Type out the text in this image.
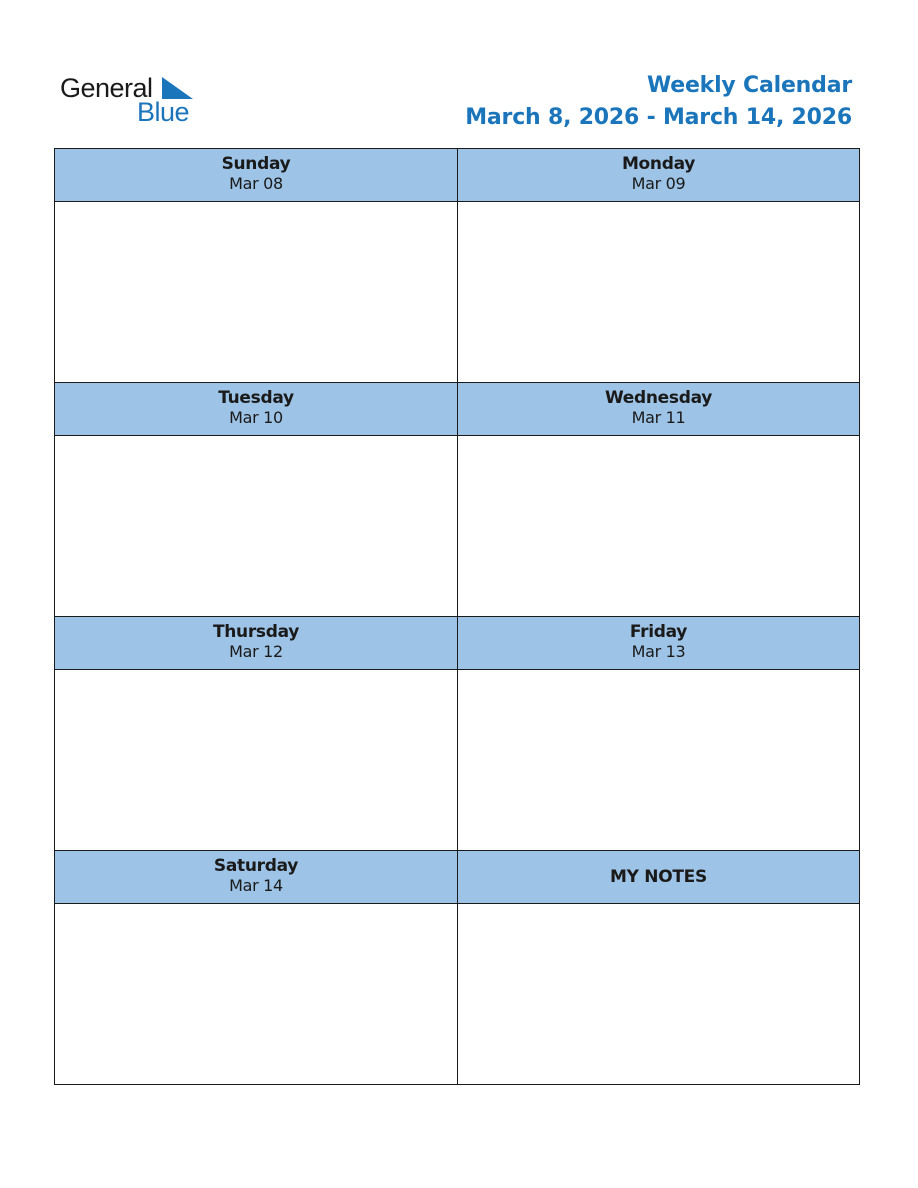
General
Blue
Weekly Calendar
March 8, 2026 - March 14, 2026
Sunday
Mar 08
Monday
Mar 09
Tuesday
Mar 10
Wednesday
Mar 11
Thursday
Mar 12
Friday
Mar 13
Saturday
Mar 14	MY NOTES
